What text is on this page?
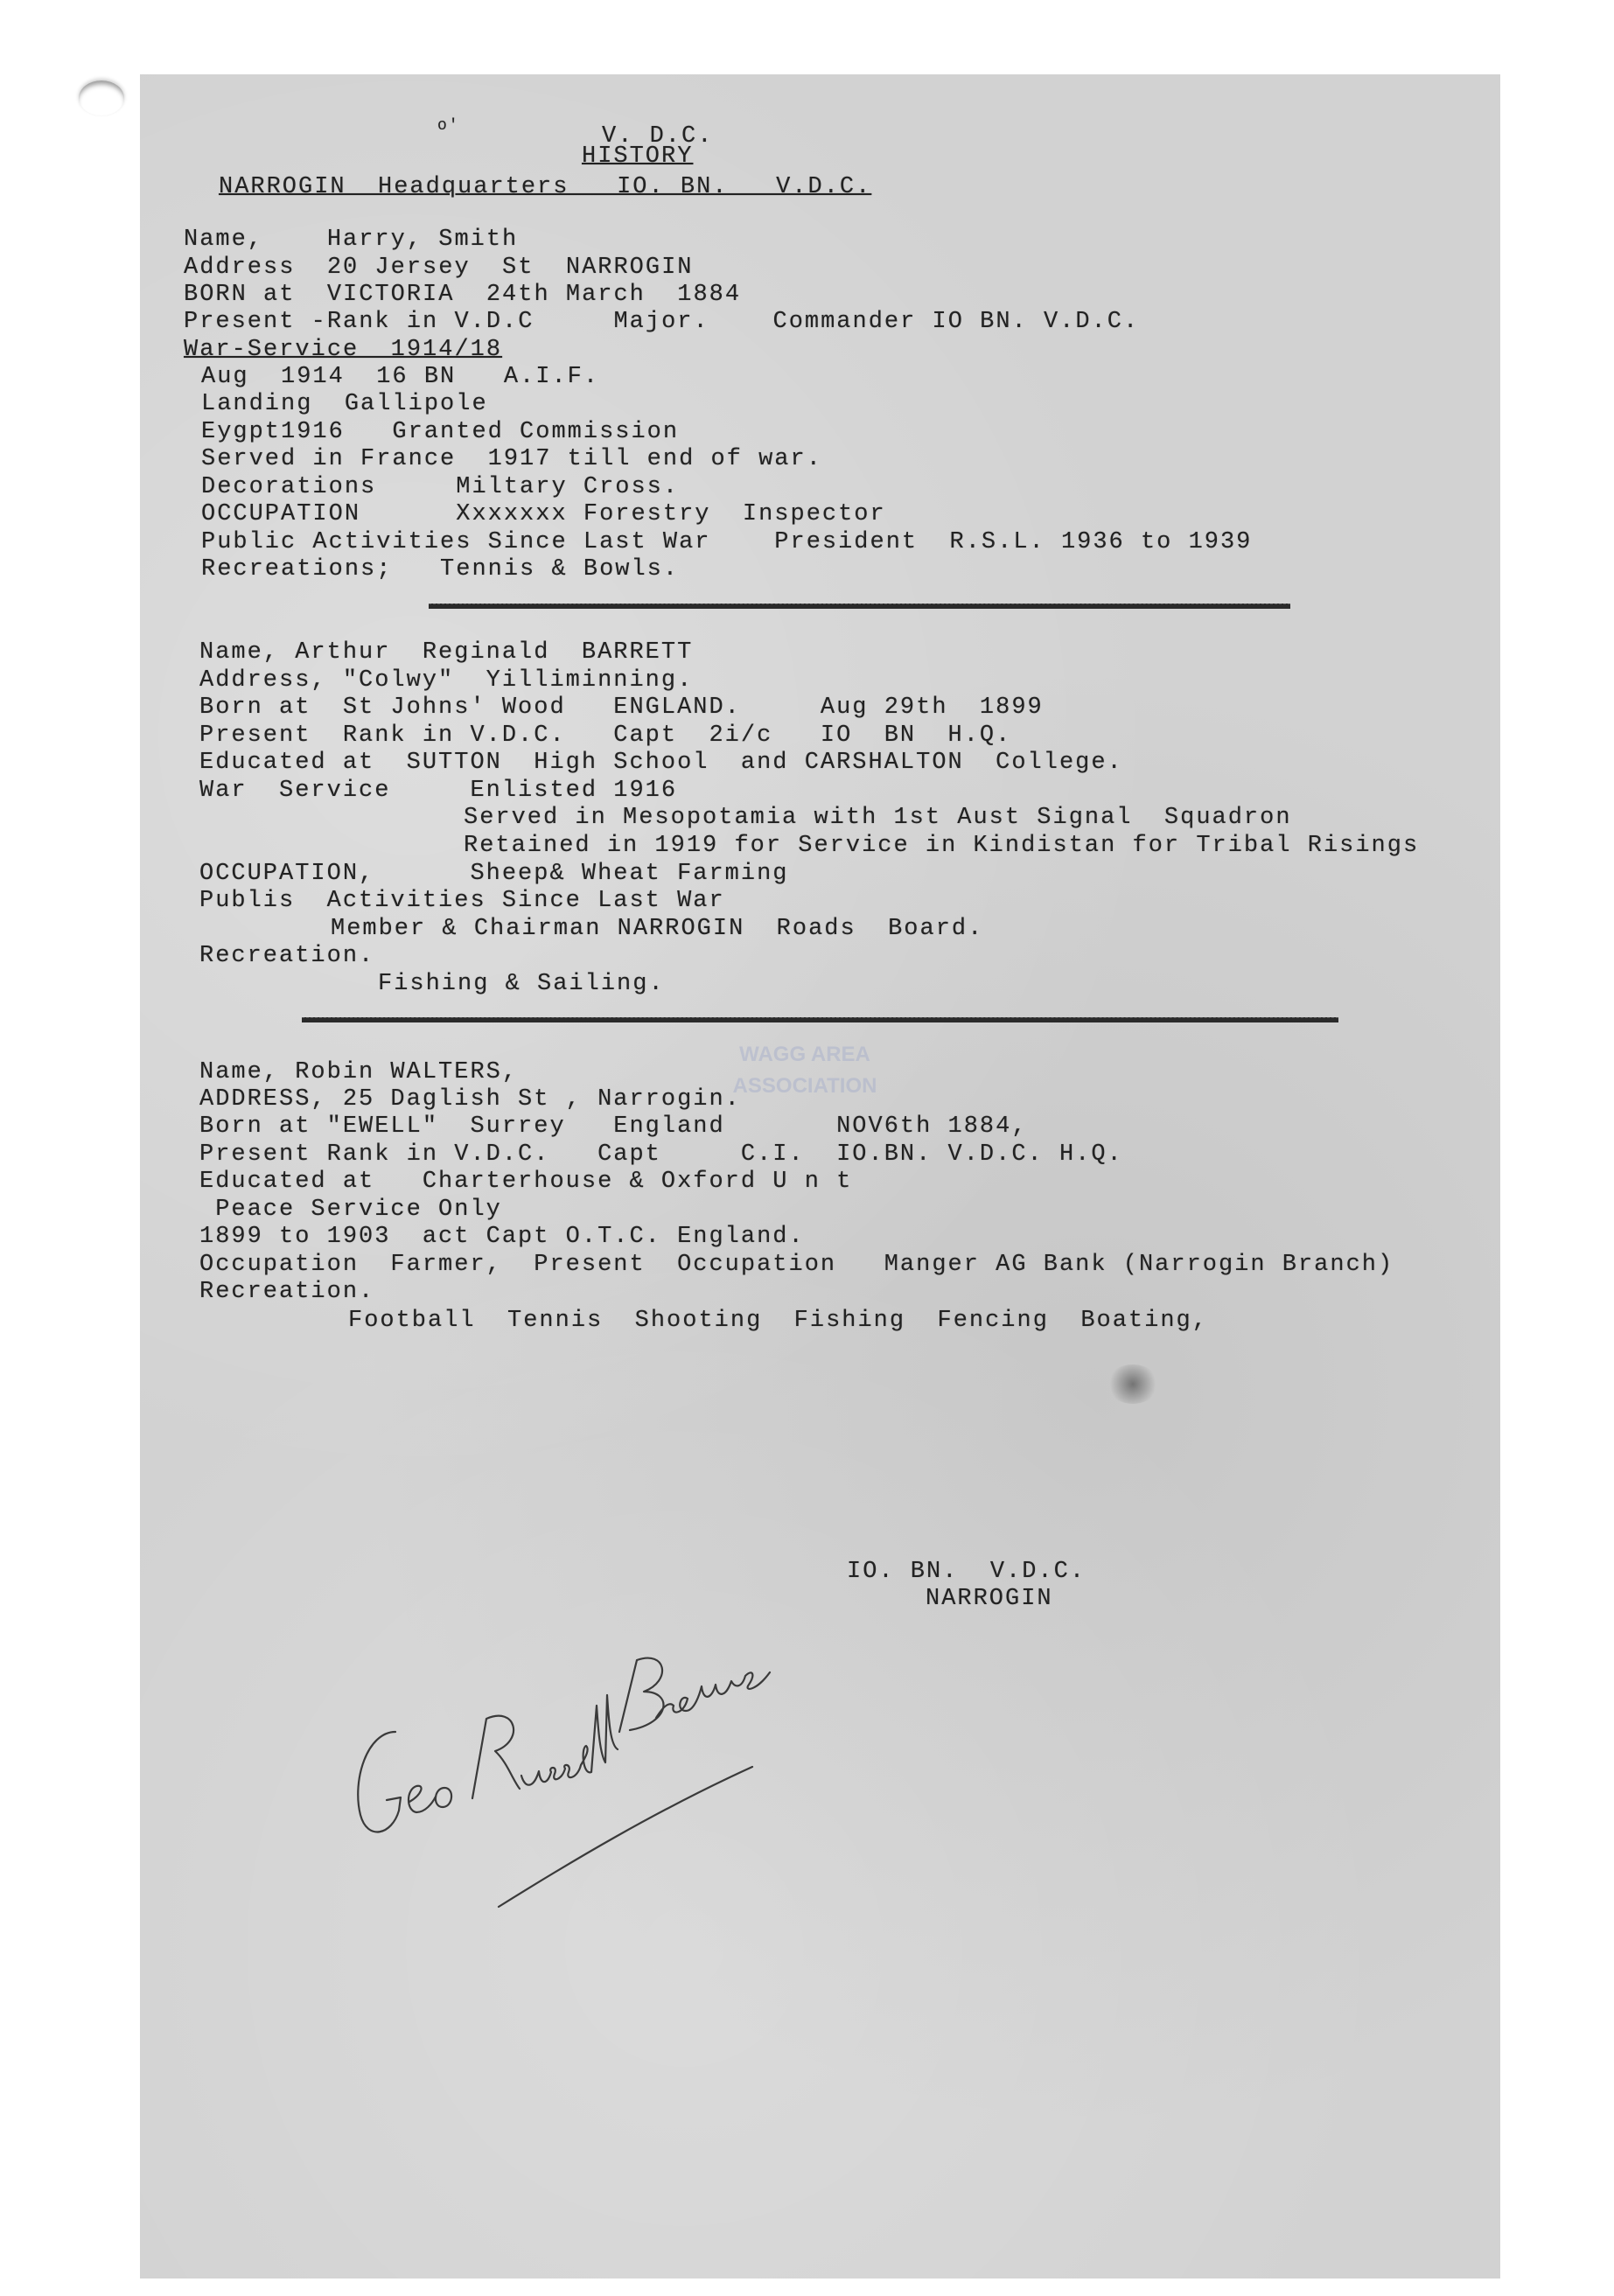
o'	V. D.C.
HISTORY
NARROGIN  Headquarters   IO. BN.   V.D.C.
Name,    Harry, Smith
Address  20 Jersey  St  NARROGIN
BORN at  VICTORIA  24th March  1884
Present -Rank in V.D.C     Major.    Commander IO BN. V.D.C.
War-Service  1914/18
Aug  1914  16 BN   A.I.F.
Landing  Gallipole
Eygpt1916   Granted Commission
Served in France  1917 till end of war.
Decorations     Miltary Cross.
OCCUPATION      Xxxxxxx Forestry  Inspector
Public Activities Since Last War    President  R.S.L. 1936 to 1939
Recreations;   Tennis & Bowls.
Name, Arthur  Reginald  BARRETT
Address, "Colwy"  Yilliminning.
Born at  St Johns' Wood   ENGLAND.     Aug 29th  1899
Present  Rank in V.D.C.   Capt  2i/c   IO  BN  H.Q.
Educated at  SUTTON  High School  and CARSHALTON  College.
War  Service     Enlisted 1916
Served in Mesopotamia with 1st Aust Signal  Squadron
Retained in 1919 for Service in Kindistan for Tribal Risings
OCCUPATION,      Sheep& Wheat Farming
Publis  Activities Since Last War
Member & Chairman NARROGIN  Roads  Board.
Recreation.
Fishing & Sailing.
WAGG AREA
ASSOCIATION
Name, Robin WALTERS,
ADDRESS, 25 Daglish St , Narrogin.
Born at "EWELL"  Surrey   England       NOV6th 1884,
Present Rank in V.D.C.   Capt     C.I.  IO.BN. V.D.C. H.Q.
Educated at   Charterhouse & Oxford U n t
Peace Service Only
1899 to 1903  act Capt O.T.C. England.
Occupation  Farmer,  Present  Occupation   Manger AG Bank (Narrogin Branch)
Recreation.
Football  Tennis  Shooting  Fishing  Fencing  Boating,
IO. BN.  V.D.C.
NARROGIN
